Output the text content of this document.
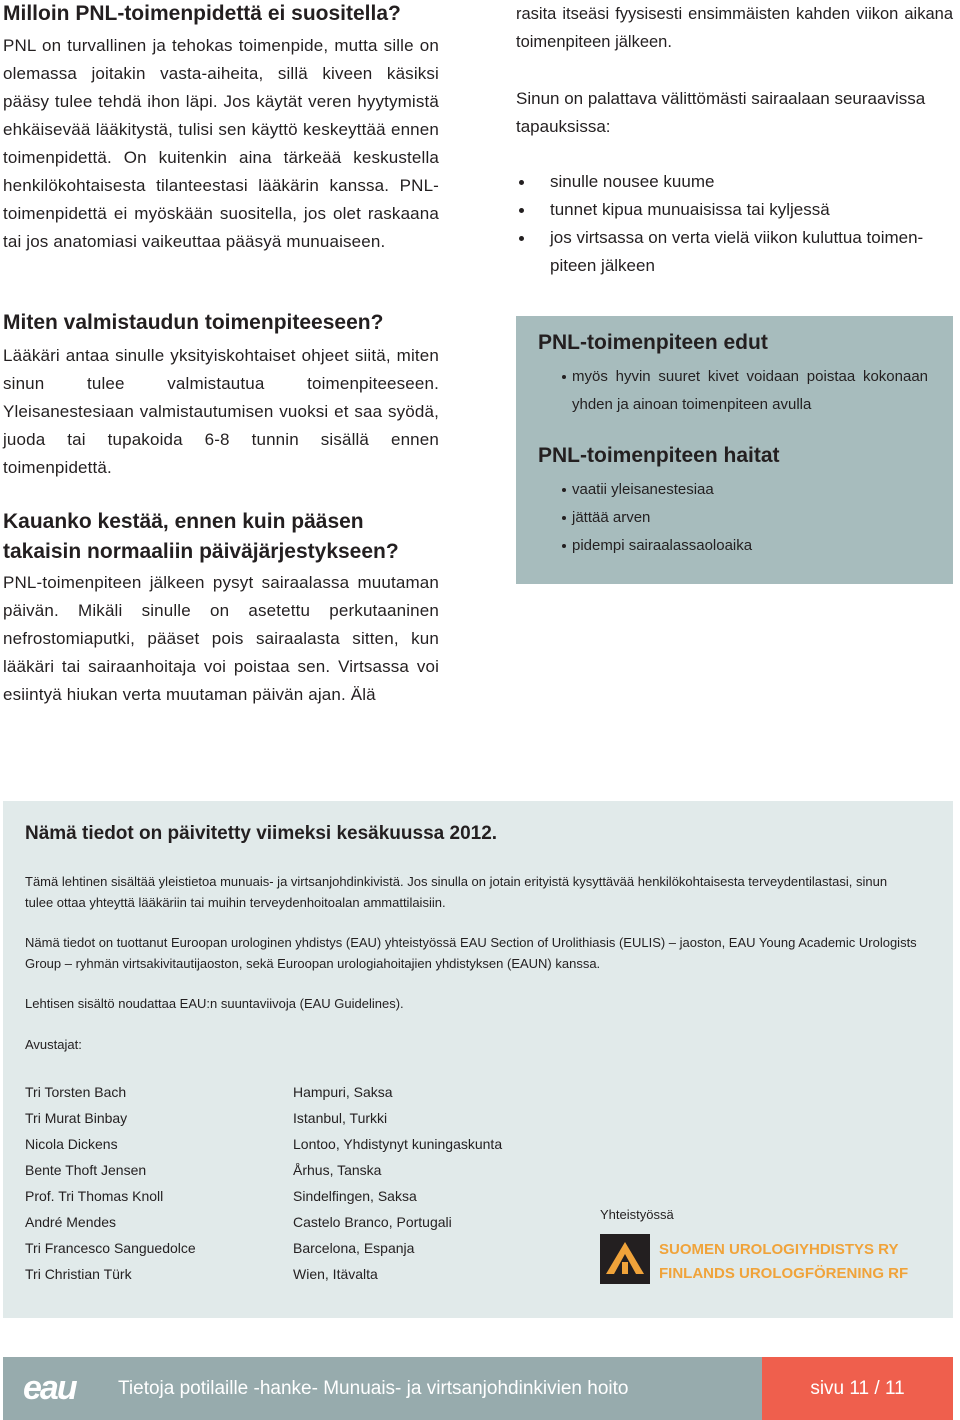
Milloin PNL-toimenpidettä ei suositella?

PNL on turvallinen ja tehokas toimenpide, mutta sille on olemassa joitakin vasta-aiheita, sillä kiveen käsiksi pääsy tulee tehdä ihon läpi. Jos käytät veren hyytymistä ehkäisevää lääkitystä, tulisi sen käyttö keskeyttää ennen toimenpidettä. On kuitenkin aina tärkeää keskustella henkilökohtaisesta tilanteestasi lääkärin kanssa. PNL-toimenpidettä ei myöskään suositella, jos olet raskaana tai jos anatomiasi vaikeuttaa pääsyä munuaiseen.

Miten valmistaudun toimenpiteeseen?

Lääkäri antaa sinulle yksityiskohtaiset ohjeet siitä, miten sinun tulee valmistautua toimenpiteeseen. Yleisanestesiaan valmistautumisen vuoksi et saa syödä, juoda tai tupakoida 6-8 tunnin sisällä ennen toimenpidettä.

Kauanko kestää, ennen kuin pääsen takaisin normaaliin päiväjärjestykseen?

PNL-toimenpiteen jälkeen pysyt sairaalassa muutaman päivän. Mikäli sinulle on asetettu perkutaaninen nefrostomiaputki, pääset pois sairaalasta sitten, kun lääkäri tai sairaanhoitaja voi poistaa sen. Virtsassa voi esiintyä hiukan verta muutaman päivän ajan. Älä

rasita itseäsi fyysisesti ensimmäisten kahden viikon aikana toimenpiteen jälkeen.

Sinun on palattava välittömästi sairaalaan seuraavissa tapauksissa:

sinulle nousee kuume
tunnet kipua munuaisissa tai kyljessä
jos virtsassa on verta vielä viikon kuluttua toimen-piteen jälkeen
PNL-toimenpiteen edut
myös hyvin suuret kivet voidaan poistaa kokonaan yhden ja ainoan toimenpiteen avulla
PNL-toimenpiteen haitat
vaatii yleisanestesiaa
jättää arven
pidempi sairaalassaoloaika
Nämä tiedot on päivitetty viimeksi kesäkuussa 2012.
Tämä lehtinen sisältää yleistietoa munuais- ja virtsanjohdinkivistä. Jos sinulla on jotain erityistä kysyttävää henkilökohtaisesta terveydentilastasi, sinun tulee ottaa yhteyttä lääkäriin tai muihin terveydenhoitoalan ammattilaisiin.
Nämä tiedot on tuottanut Euroopan urologinen yhdistys (EAU) yhteistyössä EAU Section of Urolithiasis (EULIS) – jaoston, EAU Young Academic Urologists Group – ryhmän virtsakivitautijaoston, sekä Euroopan urologiahoitajien yhdistyksen (EAUN) kanssa.
Lehtisen sisältö noudattaa EAU:n suuntaviivoja (EAU Guidelines).
Avustajat:
Tri Torsten Bach	Hampuri, Saksa
Tri Murat Binbay	Istanbul, Turkki
Nicola Dickens	Lontoo, Yhdistynyt kuningaskunta
Bente Thoft Jensen	Århus, Tanska
Prof. Tri Thomas Knoll	Sindelfingen, Saksa
André Mendes	Castelo Branco, Portugali
Tri Francesco Sanguedolce	Barcelona, Espanja
Tri Christian Türk	Wien, Itävalta
Yhteistyössä
SUOMEN UROLOGIYHDISTYS RY
FINLANDS UROLOGFÖRENING RF
eau Tietoja potilaille -hanke- Munuais- ja virtsanjohdinkivien hoito	sivu 11 / 11
